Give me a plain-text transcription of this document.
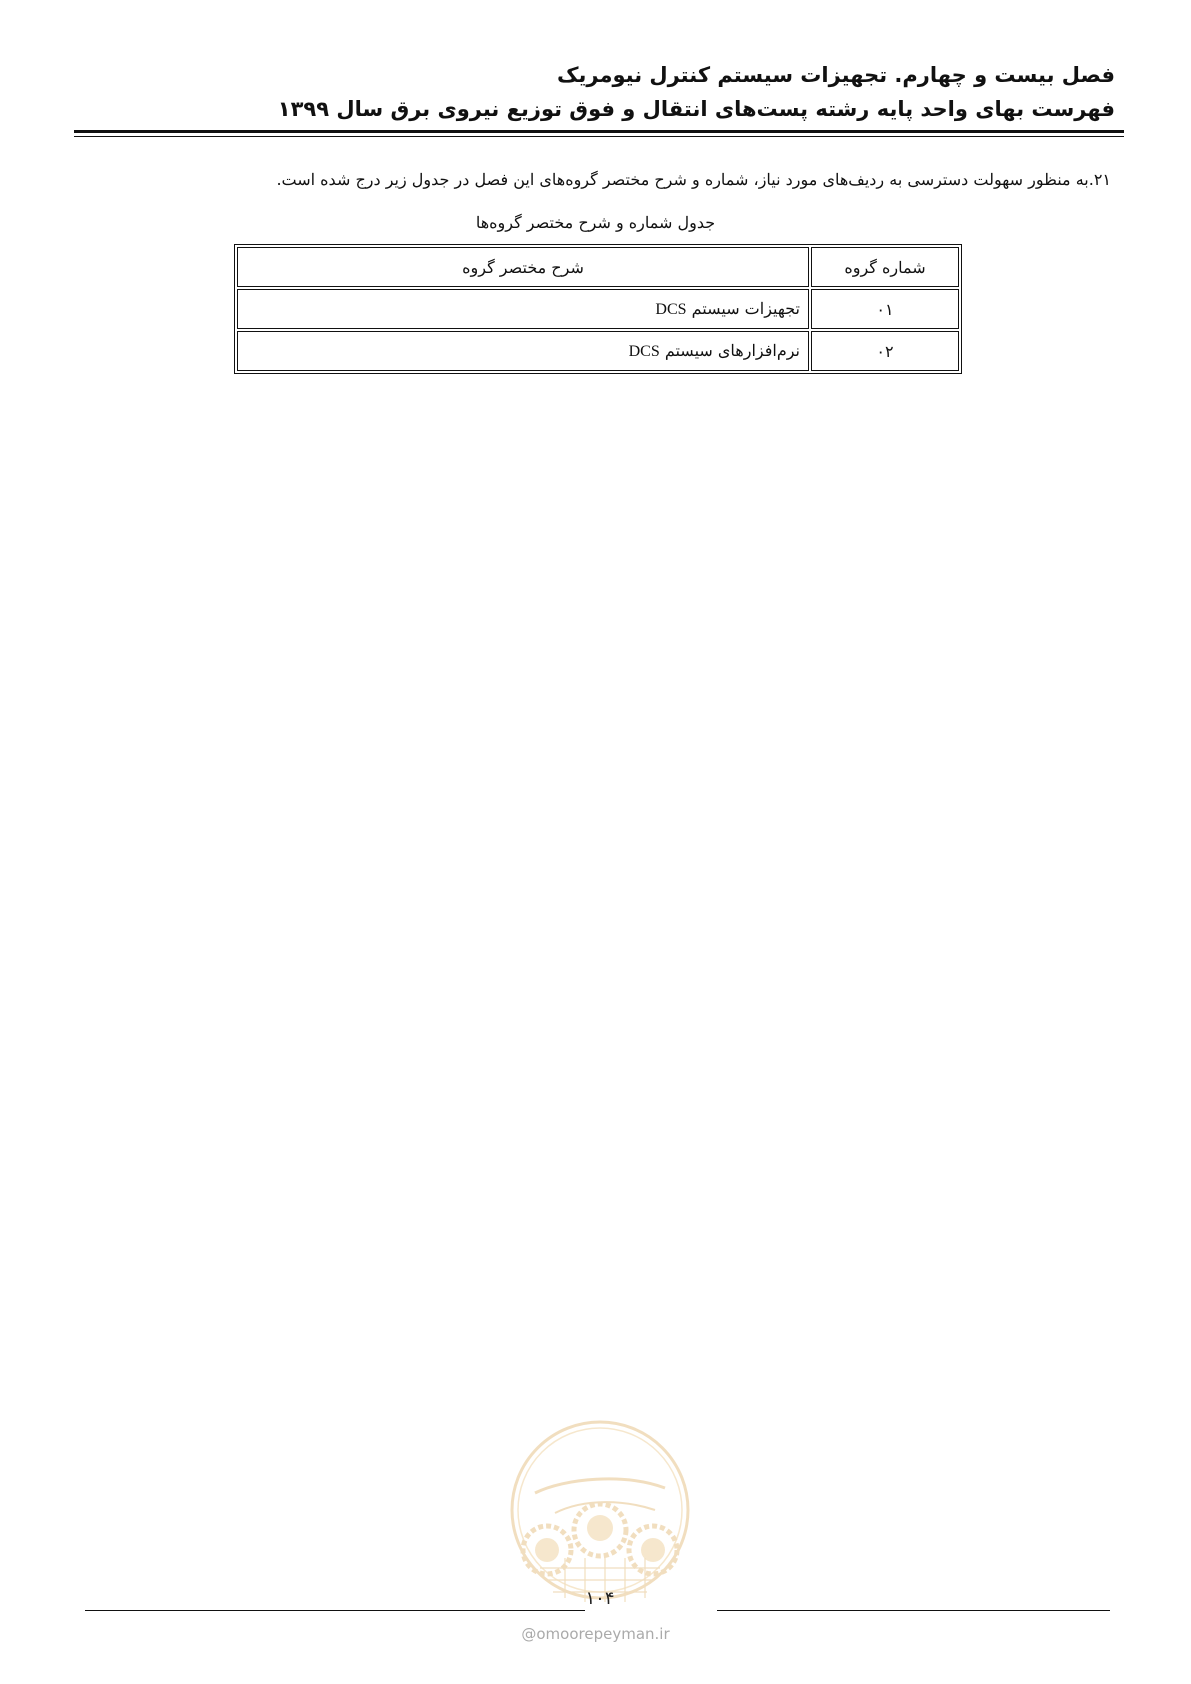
فصل بیست و چهارم. تجهیزات سیستم کنترل نیومریک
فهرست بهای واحد پایه رشته پست‌های انتقال و فوق توزیع نیروی برق سال ۱۳۹۹
۲۱.به منظور سهولت دسترسی به ردیف‌های مورد نیاز، شماره و شرح مختصر گروه‌های این فصل در جدول زیر درج شده است.
جدول شماره و شرح مختصر گروه‌ها
شماره گروه	شرح مختصر گروه
۰۱	تجهیزات سیستم DCS
۰۲	نرم‌افزارهای سیستم DCS
۱۰۴
@omoorepeyman.ir
